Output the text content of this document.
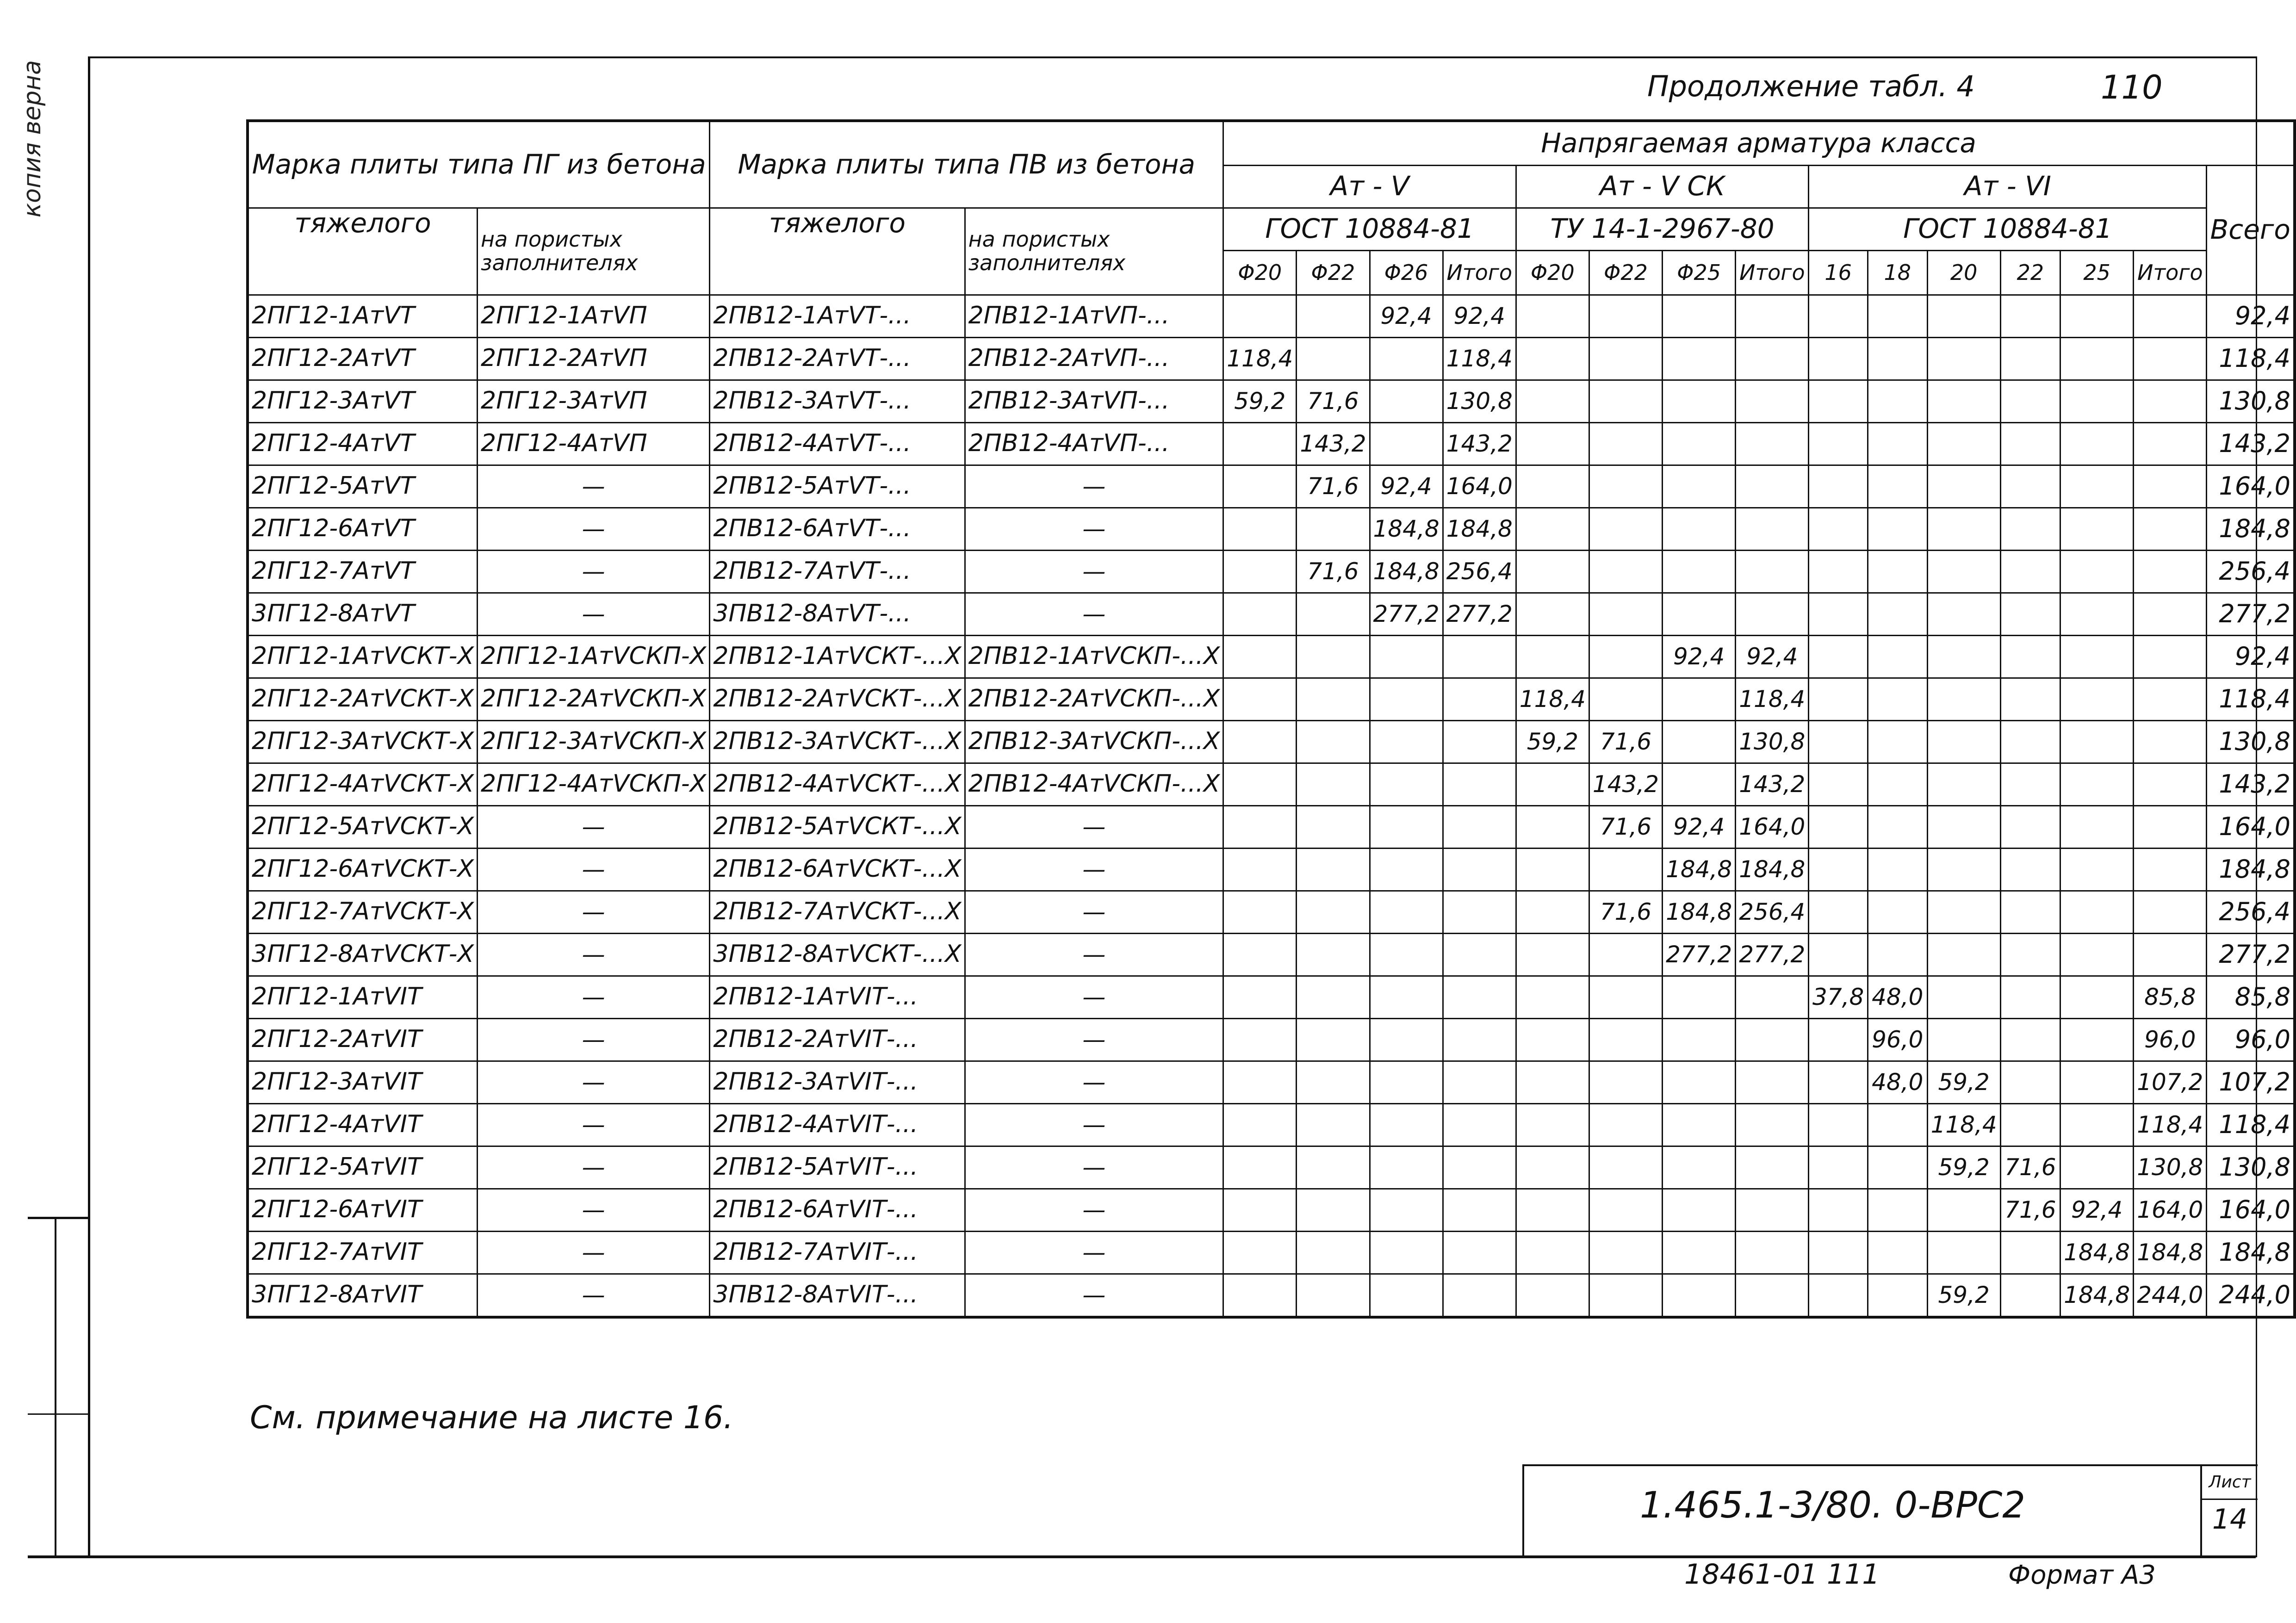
копия верна	Продолжение табл. 4	110
Марка плиты типа ПГ из бетона		Марка плиты типа ПВ из бетона		Напрягаемая арматура класса														
				Aт - V				Aт - V СК				Aт - VI						Всего
тяжелого	на пористых заполнителях	тяжелого	на пористых заполнителях	ГОСТ 10884-81				ТУ 14-1-2967-80				ГОСТ 10884-81						
				Φ20	Φ22	Φ26	Итого	Φ20	Φ22	Φ25	Итого	16	18	20	22	25	Итого	
2ПГ12-1AтVТ	2ПГ12-1AтVП	2ПВ12-1AтVТ-...	2ПВ12-1AтVП-...			92,4	92,4											92,4
2ПГ12-2AтVТ	2ПГ12-2AтVП	2ПВ12-2AтVТ-...	2ПВ12-2AтVП-...	118,4			118,4											118,4
2ПГ12-3AтVТ	2ПГ12-3AтVП	2ПВ12-3AтVТ-...	2ПВ12-3AтVП-...	59,2	71,6		130,8											130,8
2ПГ12-4AтVТ	2ПГ12-4AтVП	2ПВ12-4AтVТ-...	2ПВ12-4AтVП-...		143,2		143,2											143,2
2ПГ12-5AтVТ	—	2ПВ12-5AтVТ-...	—		71,6	92,4	164,0											164,0
2ПГ12-6AтVТ	—	2ПВ12-6AтVТ-...	—			184,8	184,8											184,8
2ПГ12-7AтVТ	—	2ПВ12-7AтVТ-...	—		71,6	184,8	256,4											256,4
3ПГ12-8AтVТ	—	3ПВ12-8AтVТ-...	—			277,2	277,2											277,2
2ПГ12-1AтVСКТ-Х	2ПГ12-1AтVСКП-Х	2ПВ12-1AтVСКТ-...Х	2ПВ12-1AтVСКП-...Х							92,4	92,4							92,4
2ПГ12-2AтVСКТ-Х	2ПГ12-2AтVСКП-Х	2ПВ12-2AтVСКТ-...Х	2ПВ12-2AтVСКП-...Х					118,4			118,4							118,4
2ПГ12-3AтVСКТ-Х	2ПГ12-3AтVСКП-Х	2ПВ12-3AтVСКТ-...Х	2ПВ12-3AтVСКП-...Х					59,2	71,6		130,8							130,8
2ПГ12-4AтVСКТ-Х	2ПГ12-4AтVСКП-Х	2ПВ12-4AтVСКТ-...Х	2ПВ12-4AтVСКП-...Х						143,2		143,2							143,2
2ПГ12-5AтVСКТ-Х	—	2ПВ12-5AтVСКТ-...Х	—						71,6	92,4	164,0							164,0
2ПГ12-6AтVСКТ-Х	—	2ПВ12-6AтVСКТ-...Х	—							184,8	184,8							184,8
2ПГ12-7AтVСКТ-Х	—	2ПВ12-7AтVСКТ-...Х	—						71,6	184,8	256,4							256,4
3ПГ12-8AтVСКТ-Х	—	3ПВ12-8AтVСКТ-...Х	—							277,2	277,2							277,2
2ПГ12-1AтVIТ	—	2ПВ12-1AтVIТ-...	—									37,8	48,0				85,8	85,8
2ПГ12-2AтVIТ	—	2ПВ12-2AтVIТ-...	—										96,0				96,0	96,0
2ПГ12-3AтVIТ	—	2ПВ12-3AтVIТ-...	—										48,0	59,2			107,2	107,2
2ПГ12-4AтVIТ	—	2ПВ12-4AтVIТ-...	—											118,4			118,4	118,4
2ПГ12-5AтVIТ	—	2ПВ12-5AтVIТ-...	—											59,2	71,6		130,8	130,8
2ПГ12-6AтVIТ	—	2ПВ12-6AтVIТ-...	—												71,6	92,4	164,0	164,0
2ПГ12-7AтVIТ	—	2ПВ12-7AтVIТ-...	—													184,8	184,8	184,8
3ПГ12-8AтVIТ	—	3ПВ12-8AтVIТ-...	—											59,2		184,8	244,0	244,0
См. примечание на листе 16.
1.465.1-3/80. 0-ВРС2
Лист
14
18461-01 111	Формат А3
